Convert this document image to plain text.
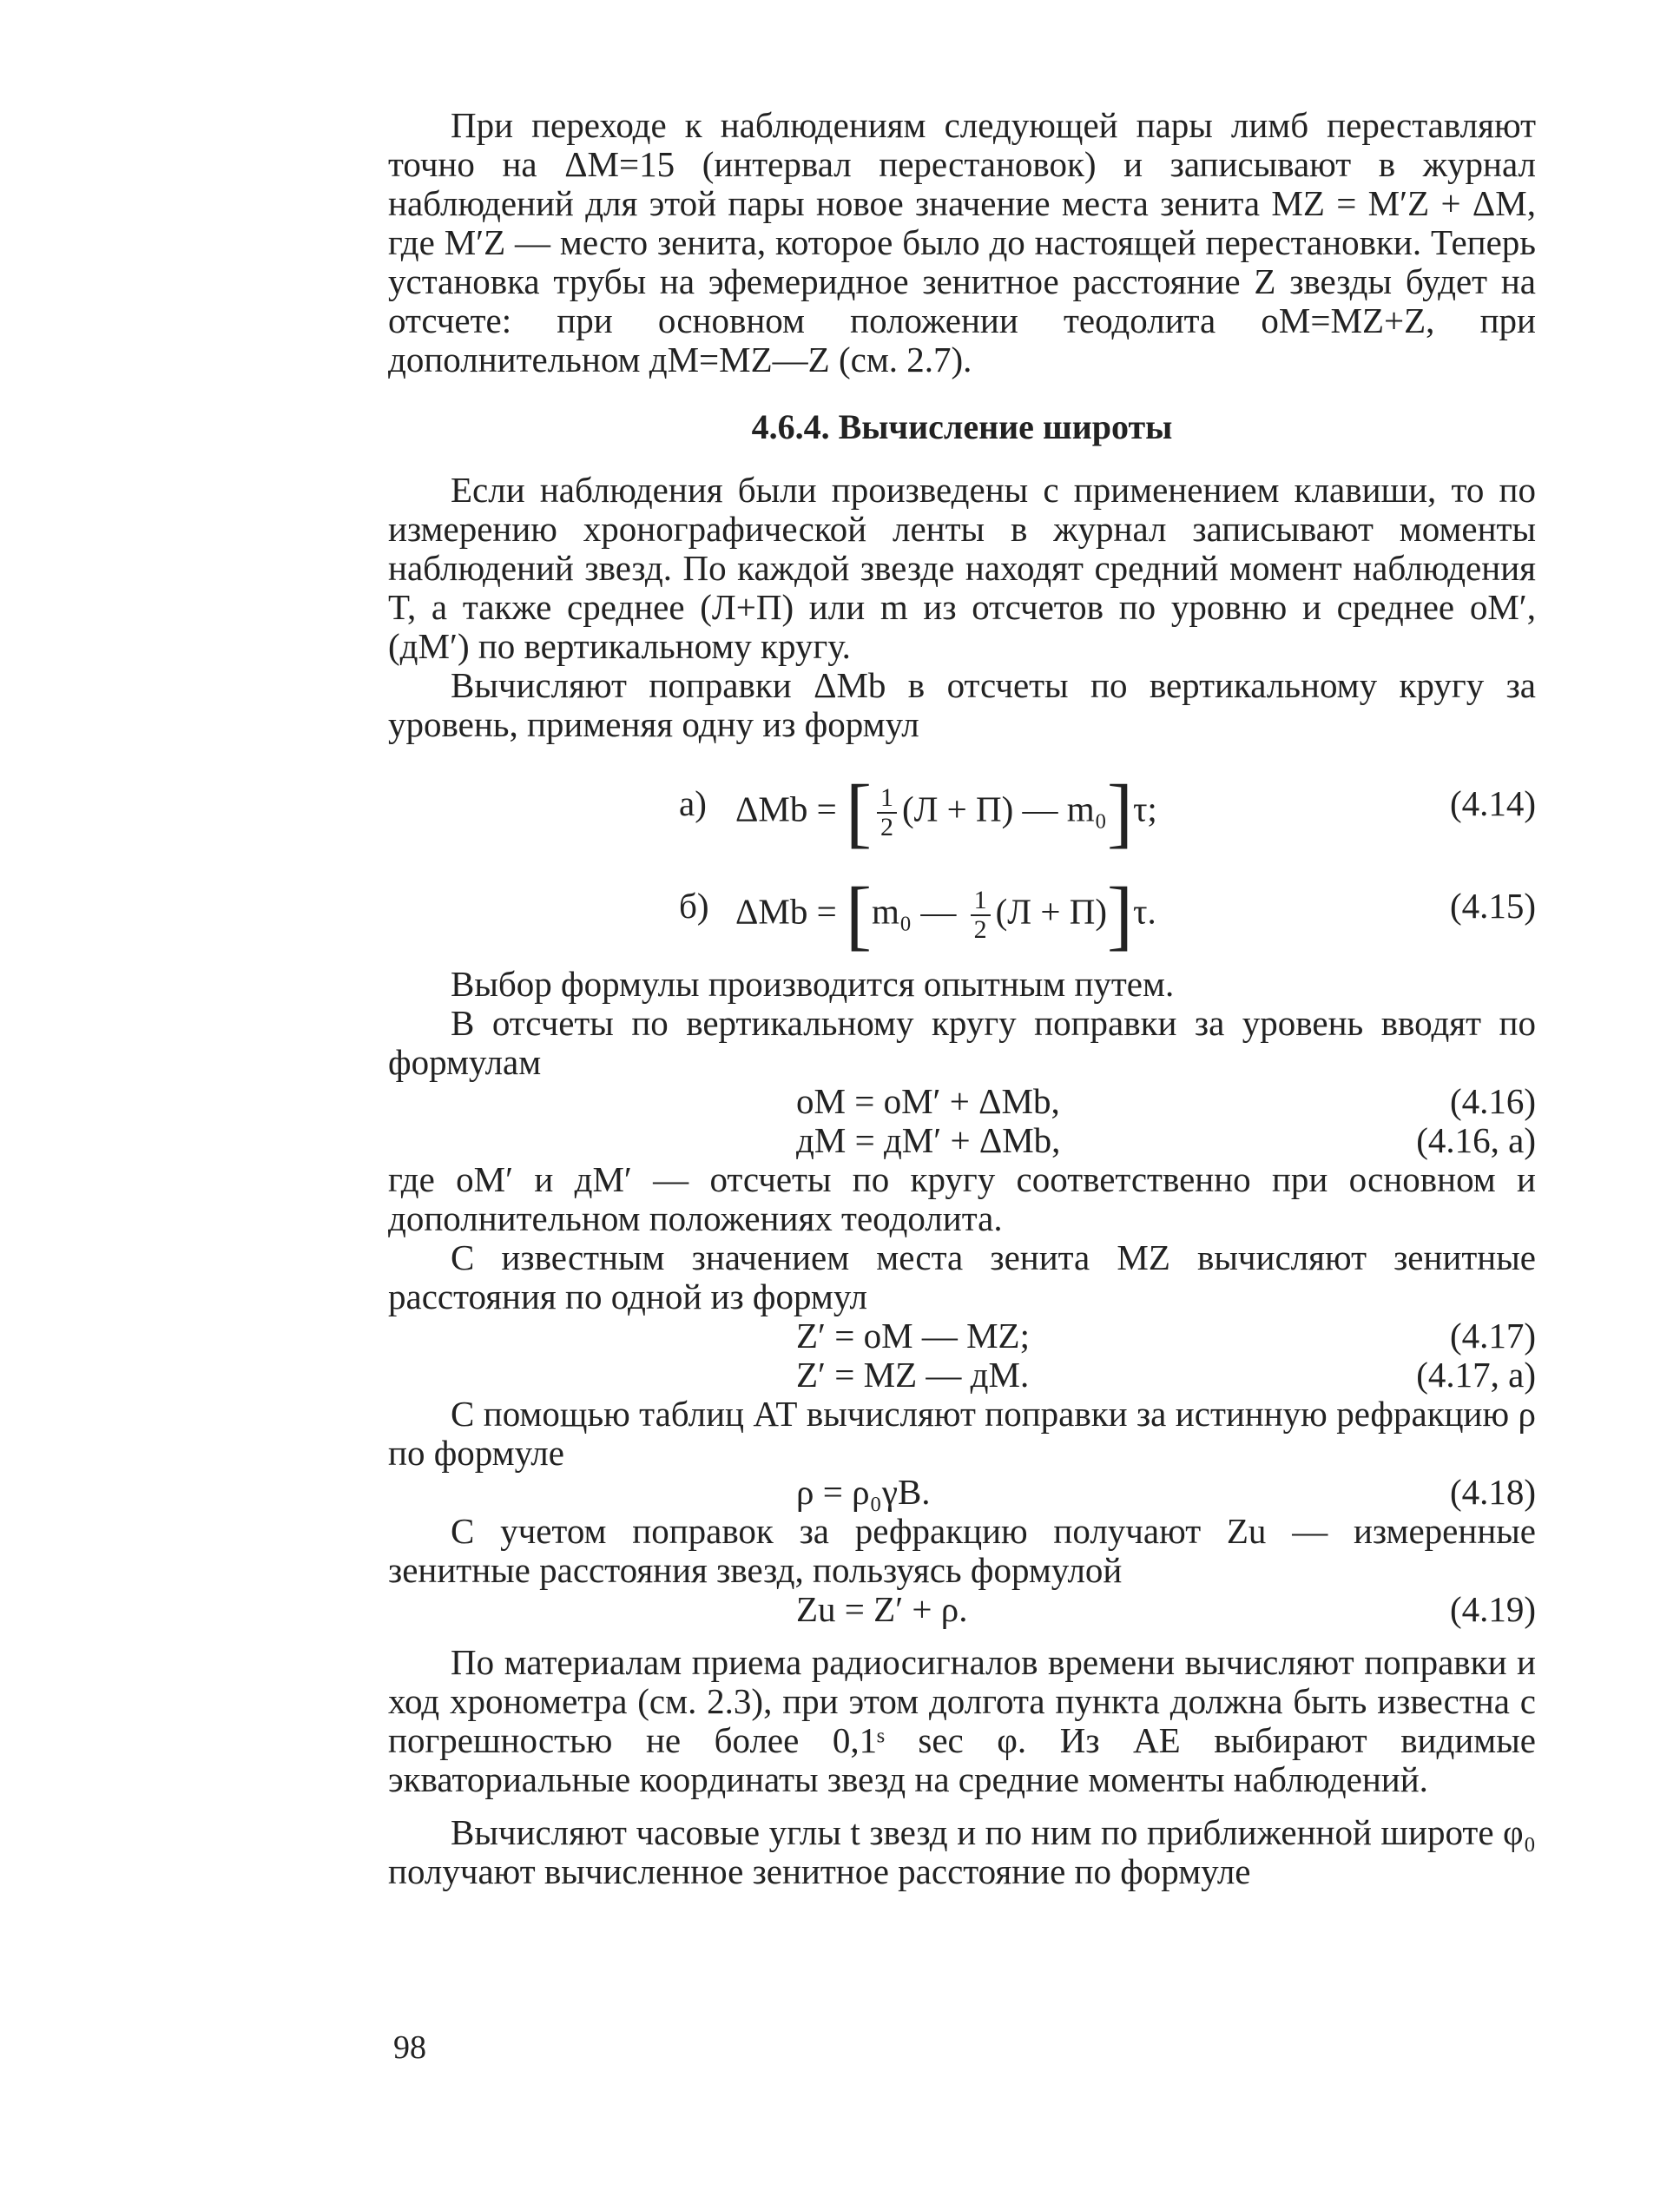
При переходе к наблюдениям следующей пары лимб переставляют точно на ΔM=15 (интервал перестановок) и записывают в журнал наблюдений для этой пары новое значение места зенита MZ = M′Z + ΔM, где M′Z — место зенита, которое было до настоящей перестановки. Теперь установка трубы на эфемеридное зенитное расстояние Z звезды будет на отсчете: при основном положении теодолита оM=MZ+Z, при дополнительном дM=MZ—Z (см. 2.7).

4.6.4. Вычисление широты

Если наблюдения были произведены с применением клавиши, то по измерению хронографической ленты в журнал записывают моменты наблюдений звезд. По каждой звезде находят средний момент наблюдения T, а также среднее (Л+П) или m из отсчетов по уровню и среднее оM′, (дM′) по вертикальному кругу.

Вычисляют поправки ΔMb в отсчеты по вертикальному кругу за уровень, применяя одну из формул

а) ΔMb = [ $\frac{1}{2} (Л + П)$ — m₀]τ;	(4.14)
б) ΔMb = [m₀ — $\frac{1}{2} (Л + П)]\tau$.	(4.15)

Выбор формулы производится опытным путем.

В отсчеты по вертикальному кругу поправки за уровень вводят по формулам

оM = оM′ + ΔMb,	(4.16)
дM = дM′ + ΔMb,	(4.16, a)

где оM′ и дM′ — отсчеты по кругу соответственно при основном и дополнительном положениях теодолита.

С известным значением места зенита MZ вычисляют зенитные расстояния по одной из формул

Z′ = оM — MZ;	(4.17)
Z′ = MZ — дM.	(4.17, a)

С помощью таблиц АТ вычисляют поправки за истинную рефракцию ρ по формуле

ρ = ρ₀γB.	(4.18)

С учетом поправок за рефракцию получают Zu — измеренные зенитные расстояния звезд, пользуясь формулой

Zu = Z′ + ρ.	(4.19)

По материалам приема радиосигналов времени вычисляют поправки и ход хронометра (см. 2.3), при этом долгота пункта должна быть известна с погрешностью не более 0,1ˢ sec φ. Из АЕ выбирают видимые экваториальные координаты звезд на средние моменты наблюдений.

Вычисляют часовые углы t звезд и по ним по приближенной широте φ₀ получают вычисленное зенитное расстояние по формуле

98
